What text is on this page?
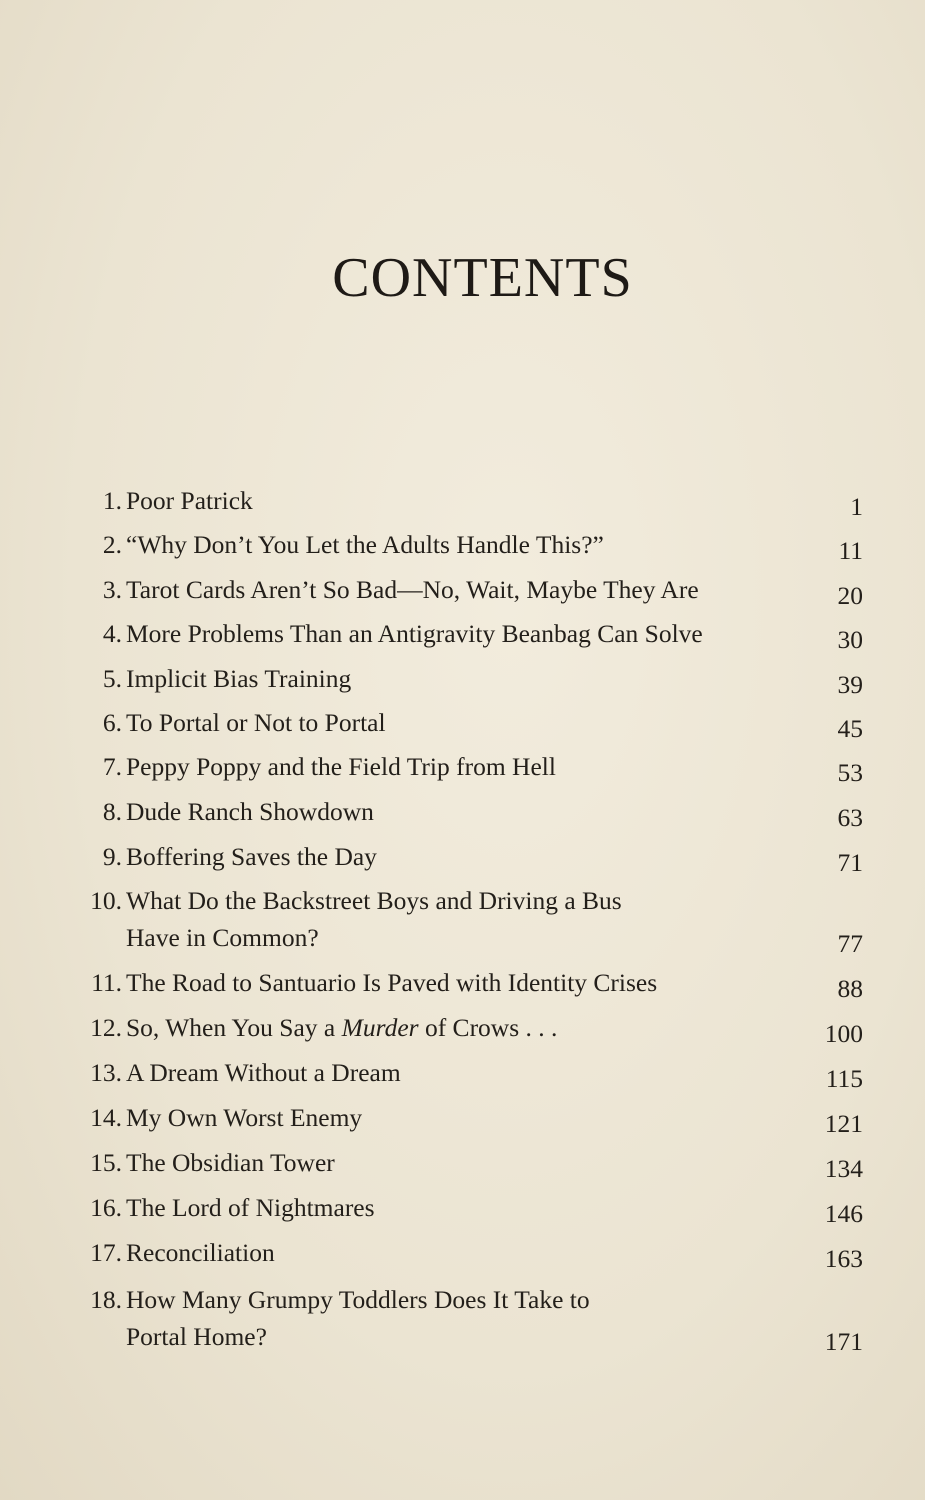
CONTENTS
1. Poor Patrick	1
2. “Why Don’t You Let the Adults Handle This?”	11
3. Tarot Cards Aren’t So Bad—No, Wait, Maybe They Are	20
4. More Problems Than an Antigravity Beanbag Can Solve	30
5. Implicit Bias Training	39
6. To Portal or Not to Portal	45
7. Peppy Poppy and the Field Trip from Hell	53
8. Dude Ranch Showdown	63
9. Boffering Saves the Day	71
10. What Do the Backstreet Boys and Driving a Bus
Have in Common?	77
11. The Road to Santuario Is Paved with Identity Crises	88
12. So, When You Say a Murder of Crows . . .	100
13. A Dream Without a Dream	115
14. My Own Worst Enemy	121
15. The Obsidian Tower	134
16. The Lord of Nightmares	146
17. Reconciliation	163
18. How Many Grumpy Toddlers Does It Take to
Portal Home?	171
